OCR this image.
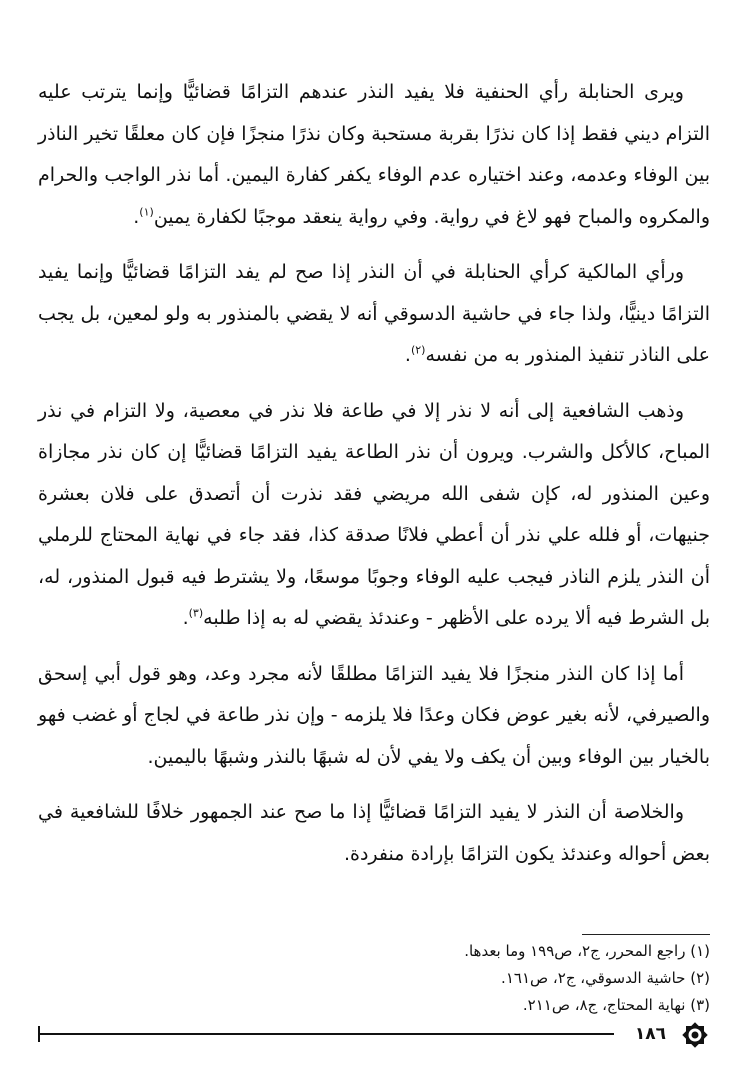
ويرى الحنابلة رأي الحنفية فلا يفيد النذر عندهم التزامًا قضائيًّا وإنما يترتب عليه التزام ديني فقط إذا كان نذرًا بقربة مستحبة وكان نذرًا منجزًا فإن كان معلقًا تخير الناذر بين الوفاء وعدمه، وعند اختياره عدم الوفاء يكفر كفارة اليمين. أما نذر الواجب والحرام والمكروه والمباح فهو لاغ في رواية. وفي رواية ينعقد موجبًا لكفارة يمين$^{(١)}$.

ورأي المالكية كرأي الحنابلة في أن النذر إذا صح لم يفد التزامًا قضائيًّا وإنما يفيد التزامًا دينيًّا، ولذا جاء في حاشية الدسوقي أنه لا يقضي بالمنذور به ولو لمعين، بل يجب على الناذر تنفيذ المنذور به من نفسه$^{(٢)}$.

وذهب الشافعية إلى أنه لا نذر إلا في طاعة فلا نذر في معصية، ولا التزام في نذر المباح، كالأكل والشرب. ويرون أن نذر الطاعة يفيد التزامًا قضائيًّا إن كان نذر مجازاة وعين المنذور له، كإن شفى الله مريضي فقد نذرت أن أتصدق على فلان بعشرة جنيهات، أو فلله علي نذر أن أعطي فلانًا صدقة كذا، فقد جاء في نهاية المحتاج للرملي أن النذر يلزم الناذر فيجب عليه الوفاء وجوبًا موسعًا، ولا يشترط فيه قبول المنذور، له، بل الشرط فيه ألا يرده على الأظهر - وعندئذ يقضي له به إذا طلبه$^{(٣)}$.

أما إذا كان النذر منجزًا فلا يفيد التزامًا مطلقًا لأنه مجرد وعد، وهو قول أبي إسحق والصيرفي، لأنه بغير عوض فكان وعدًا فلا يلزمه - وإن نذر طاعة في لجاج أو غضب فهو بالخيار بين الوفاء وبين أن يكف ولا يفي لأن له شبهًا بالنذر وشبهًا باليمين.

والخلاصة أن النذر لا يفيد التزامًا قضائيًّا إذا ما صح عند الجمهور خلافًا للشافعية في بعض أحواله وعندئذ يكون التزامًا بإرادة منفردة.

(١) راجع المحرر، ج٢، ص١٩٩ وما بعدها.
(٢) حاشية الدسوقي، ج٢، ص١٦١.
(٣) نهاية المحتاج، ج٨، ص٢١١.
١٨٦
